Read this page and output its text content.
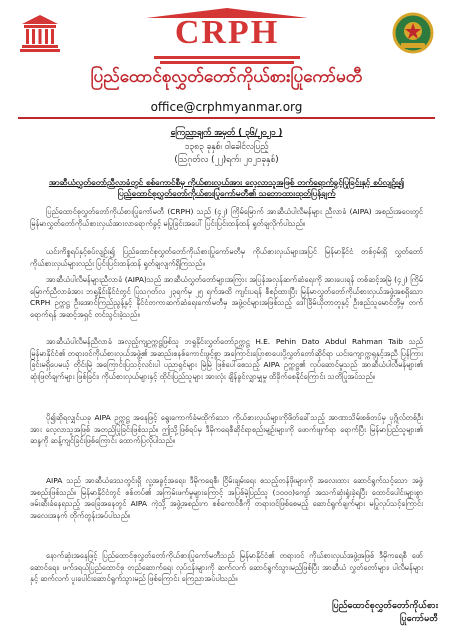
CRPH
ပြည်ထောင်စုလွှတ်တော်ကိုယ်စားပြုကော်မတီ
office@crphmyanmar.org
ကြေညာချက် အမှတ် ( ၃၆/၂၀၂၁ )
၁၃၈၃ ခုနှစ်၊ ဝါခေါင်လပြည့်
(သြဂုတ်လ (၂၂)ရက်၊ ၂၀၂၁ခုနှစ်)
အာဆီယံလွှတ်တော်ညီလာခံတွင် စစ်ကောင်စီမှ ကိုယ်စားလှယ်အား လေ့လာသူအဖြစ် တက်ရောက်ခွင့်ပြုခြင်းနှင့် စပ်လျဉ်း၍ ပြည်ထောင်စုလွှတ်တော်ကိုယ်စားပြုကော်မတီ၏ သဘောထားထုတ်ပြန်ချက်
ပြည်ထောင်စုလွှတ်တော်ကိုယ်စားပြုကော်မတီ (CRPH) သည် (၄၂) ကြိမ်မြောက် အာဆီယံပါလီမန်များ ညီလာခံ (AIPA) အစည်းအဝေးတွင် မြန်မာလွှတ်တော်ကိုယ်စားလှယ်အားလာရောက်ခွင့် မပြုခြင်းအပေါ် ပြင်းပြင်းထန်ထန် ရှုတ်ချလိုက်ပါသည်။
ယင်းကိစ္စရပ်နှင့်စပ်လျဉ်း၍ ပြည်ထောင်စုလွှတ်တော်ကိုယ်စားပြုကော်မတီမှ ကိုယ်စားလှယ်များအပြင် မြန်မာနိုင်ငံ တစ်ဝှမ်းရှိ လွှတ်တော်ကိုယ်စားလှယ်များလည်း ပြင်းပြင်းထန်ထန် ရှုတ်ချလျက်ရှိကြသည်။
အာဆီယံပါလီမန်များညီလာခံ (AIPA)သည် အာဆီယံလွှတ်တော်များအကြား အပြန်အလှန်ဆက်ဆံရေးကို အားပေးရန် တစ်ဆင့်အမြဲ (၄၂) ကြိမ်မြောက်ညီလာခံအား ဘရူနိုင်းနိုင်ငံတွင် ပြသဂုတ်လ ၂၃ရက်မှ ၂၅ ရက်အထိ ကျင်းပရန် စီစဉ်ထားပြီး မြန်မာလွှတ်တော်ကိုယ်စားလှယ်အဖွဲ့အစရှိသော CRPH ဥက္ကဋ္ဌ ဦးအောင်ကြည်ညွန့်နှင့် နိုင်ငံတကာဆက်ဆံရေးကော်မတီမှ အဖွဲ့ဝင်များအဖြစ်သည့် ဒေါ်ခြိမ်ယိုတာတူနှင့် ဦးစည်သူမောင်တို့မှ တက်ရောက်ရန် အဆင့်အရှင် တင်သွင်းခဲ့သည်။
အာဆီယံပါလီမန်ညီလာခံ အလှည့်ကျဥက္ကဋ္ဌဖြစ်သူ ဘရူနိုင်းလွှတ်တော်ဥက္ကဋ္ဌ H.E. Pehin Dato Abdul Rahman Taib သည် မြန်မာနိုင်ငံ၏ တရားဝင်ကိုယ်စားလှယ်အဖွဲ့၏ အဆည်းစနစ်ကောင်းဖွင့်စွာ အကြောင်းပြောစာပေးပို့လွှတ်တော်ဆိုင်ရာ ယင်းကျောက္ကရုနှင့်အညီ ပြန်ကြားခြင်းမရှိပေမယ့် တိုင်းမြဲ အကြောင်းပြသင့်လင်းပါ ပညာရှင်များ မြဲမြဲ ဖြစ်ပေါ်စေသည့် AIPA ဥက္ကဋ္ဌ၏ လုပ်ဆောင်မှုသည် အာဆီယံပါလီမန်များ၏ ဆုံးဖြတ်ချက်များ ဖြစ်ခြင်း၊ ကိုယ်စားလှယ်များနှင့် ထိုင်းပြည်သူများ အားလုံး ချိန်ခွင်လျှာမျှမှု ထိခိုက်စေနိုင်ကြောင်း သတိပြုအပ်သည်။
ပို၍ဆိုရလျှင်ယခု AIPA ဥက္ကဋ္ဌ အနေဖြင့် ရွေးကောက်ခံမထိုက်သော ကိုယ်စားလှယ်များကိုဖိတ်ခေါ်သည့် အာဏာသိမ်းစစ်တပ်မှ ပုဂ္ဂိုလ်တစ်ဦးအား လေ့လာသူအဖြစ် အတည်ပြုခြင်းဖြစ်သည်။ ဤသို့ဖြစ်ရပ်မှ ဒီမိုကရေစီဆိုင်ရာစည်းမျဉ်းများကို ဖောက်ဖျက်ရာ ရောက်ပြီး မြန်မာပြည်သူများ၏ ဆန္ဒကို ဆန့်ကျင်ခြင်းဖြစ်ကြောင်း ထောက်ပြလိုပါသည်။
AIPA သည် အာဆီယံဒေသတွင်းရှိ လူ့အခွင့်အရေး၊ ဒီမိုကရေစီ၊ ငြိမ်းချမ်းရေး စသည့်တန်ဖိုးများကို အလေးထား ဆောင်ရွက်သင့်သော အဖွဲ့အစည်းဖြစ်သည်။ မြန်မာနိုင်ငံတွင် စစ်တပ်၏ အကြမ်းဖက်မှုများကြောင့် အပြစ်မဲ့ပြည်သူ (၁၀၀၀)ကျော် အသက်ဆုံးရှုံးခဲ့ရပြီး ထောင်ပေါင်းများစွာ ဖမ်းဆီးခံနေရသည့် အခြေအနေတွင် AIPA ကဲ့သို့ အဖွဲ့အစည်းက စစ်ကောင်စီကို တရားဝင်ဖြစ်စေမည့် ဆောင်ရွက်ချက်များ မပြုလုပ်သင့်ကြောင်း အလေးအနက် တိုက်တွန်းအပ်ပါသည်။
နောက်ဆုံးအနေဖြင့် ပြည်ထောင်စုလွှတ်တော်ကိုယ်စားပြုကော်မတီသည် မြန်မာနိုင်ငံ၏ တရားဝင် ကိုယ်စားလှယ်အဖွဲ့အဖြစ် ဒီမိုကရေစီ ဖော်ဆောင်ရေး၊ ဖက်ဒရယ်ပြည်ထောင်စု တည်ဆောက်ရေး လုပ်ငန်းများကို ဆက်လက် ဆောင်ရွက်သွားမည်ဖြစ်ပြီး အာဆီယံ လွှတ်တော်များ၊ ပါလီမန်များနှင့် ဆက်လက် ပူးပေါင်းဆောင်ရွက်သွားမည် ဖြစ်ကြောင်း ကြေညာအပ်ပါသည်။
ပြည်ထောင်စုလွှတ်တော်ကိုယ်စားပြုကော်မတီ
